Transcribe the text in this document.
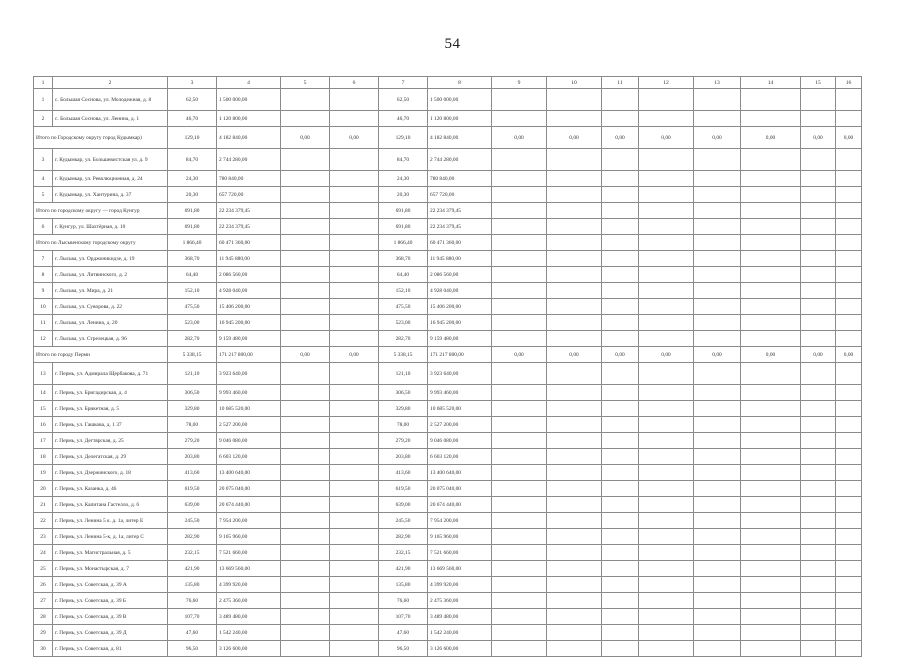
54
1	2	3	4	5	6	7	8	9	10	11	12	13	14	15	16
1	с. Большая Сосновa, ул. Молодежная, д. 8	62,50	1 500 000,00			62,50	1 500 000,00								
2	с. Большая Соснова, ул. Ленина, д. 1	46,70	1 120 800,00			46,70	1 120 800,00								
Итого по Городскому округу город Кудымкар)		129,10	4 182 840,00	0,00	0,00	129,10	4 182 840,00	0,00	0,00	0,00	0,00	0,00	0,00	0,00	0,00
3	г. Кудымкар, ул. Большевистская ул. д. 9	84,70	2 744 280,00			84,70	2 744 280,00								
4	г. Кудымкар, ул. Революционная, д. 24	24,30	780 840,00			24,30	780 840,00								
5	г. Кудымкар, ул. Хантурина, д. 37	20,30	657 720,00			20,30	657 720,00								
Итого по городскому округу — город Кунгур		691,80	22 234 379,45			691,80	22 234 379,45								
6	г. Кунгур, ул. Шахтёрная, д. 10	691,80	22 234 379,45			691,80	22 234 379,45								
Итого по Лысьвенскому городскому округу		1 866,40	60 471 360,00			1 866,40	60 471 360,00								
7	г. Лысьва, ул. Орджоникидзе, д. 19	368,70	11 945 880,00			368,70	11 945 880,00								
8	г. Лысьва, ул. Литвинского, д. 2	64,40	2 086 560,00			64,40	2 086 560,00								
9	г. Лысьва, ул. Мира, д. 21	152,10	4 928 040,00			152,10	4 928 040,00								
10	г. Лысьва, ул. Суворова, д. 22	475,50	15 406 200,00			475,50	15 406 200,00								
11	г. Лысьва, ул. Ленина, д. 20	523,00	16 945 200,00			523,00	16 945 200,00								
12	г. Лысьва, ул. Стрелецкая, д. 96	282,70	9 159 480,00			282,70	9 159 480,00								
Итого по городу Перми		5 338,15	171 217 800,00	0,00	0,00	5 338,15	171 217 800,00	0,00	0,00	0,00	0,00	0,00	0,00	0,00	0,00
13	г. Пермь, ул. Адмирала Щербакова, д. 71	121,10	3 923 640,00			121,10	3 923 640,00								
14	г. Пермь, ул. Бригадирская, д. 4	306,50	9 993 460,00			306,50	9 993 460,00								
15	г. Пермь, ул. Брикетная, д. 5	329,80	10 685 520,00			329,80	10 685 520,00								
16	г. Пермь, ул. Гашкова, д. 1 37	78,00	2 527 200,00			78,00	2 527 200,00								
17	г. Пермь, ул. Дегтярская, д. 25	279,20	9 046 080,00			279,20	9 046 080,00								
18	г. Пермь, ул. Делегатская, д. 29	203,80	6 603 120,00			203,80	6 603 120,00								
19	г. Пермь, ул. Дзержинского, д. 18	413,60	13 400 640,00			413,60	13 400 640,00								
20	г. Пермь, ул. Казанка, д. 46	619,50	20 075 040,00			619,50	20 075 040,00								
21	г. Пермь, ул. Капитана Гастелло, д. 6	639,00	20 674 440,00			639,00	20 674 440,00								
22	г. Пермь, ул. Ленина 5 к. д. 1а, литер Е	245,50	7 954 200,00			245,50	7 954 200,00								
23	г. Пермь, ул. Ленина 5-к, д. 1а, литер С	282,90	9 165 960,00			282,90	9 165 960,00								
24	г. Пермь, ул. Магистральная, д. 5	232,15	7 521 660,00			232,15	7 521 660,00								
25	г. Пермь, ул. Монастырская, д. 7	421,90	13 669 560,00			421,90	13 669 560,00								
26	г. Пермь, ул. Советская, д. 39 А	135,80	4 399 920,00			135,80	4 399 920,00								
27	г. Пермь, ул. Советская, д. 39 Б	76,60	2 475 360,00			76,60	2 475 360,00								
28	г. Пермь, ул. Советская, д. 39 В	107,70	3 489 480,00			107,70	3 489 480,00								
29	г. Пермь, ул. Советская, д. 39 Д	47,60	1 542 240,00			47,60	1 542 240,00								
30	г. Пермь, ул. Советская, д. 81	96,50	3 126 600,00			96,50	3 126 600,00								
